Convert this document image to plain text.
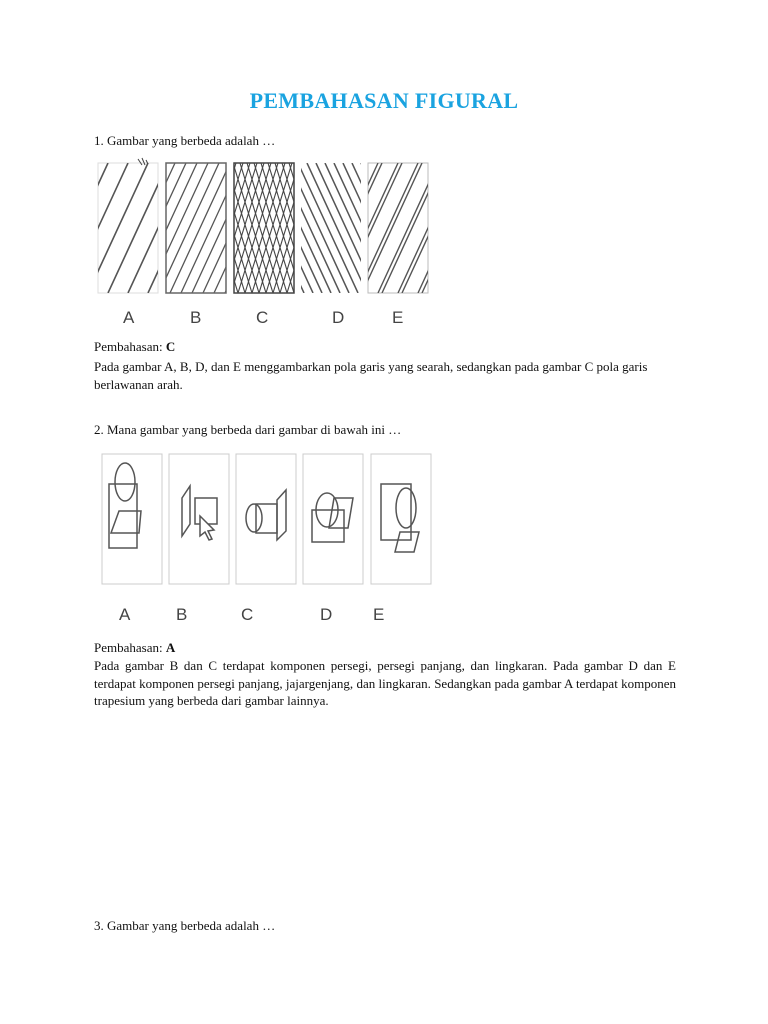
PEMBAHASAN FIGURAL
1. Gambar yang berbeda adalah …
A	B	C	D	E
Pembahasan: C
Pada gambar A, B, D, dan E menggambarkan pola garis yang searah, sedangkan pada gambar C pola garis berlawanan arah.
2. Mana gambar yang berbeda dari gambar di bawah ini …
A	B	C	D E
Pembahasan: A
Pada gambar B dan C terdapat komponen persegi, persegi panjang, dan lingkaran. Pada gambar D dan E terdapat komponen persegi panjang, jajargenjang, dan lingkaran. Sedangkan pada gambar A terdapat komponen trapesium yang berbeda dari gambar lainnya.
3. Gambar yang berbeda adalah …
